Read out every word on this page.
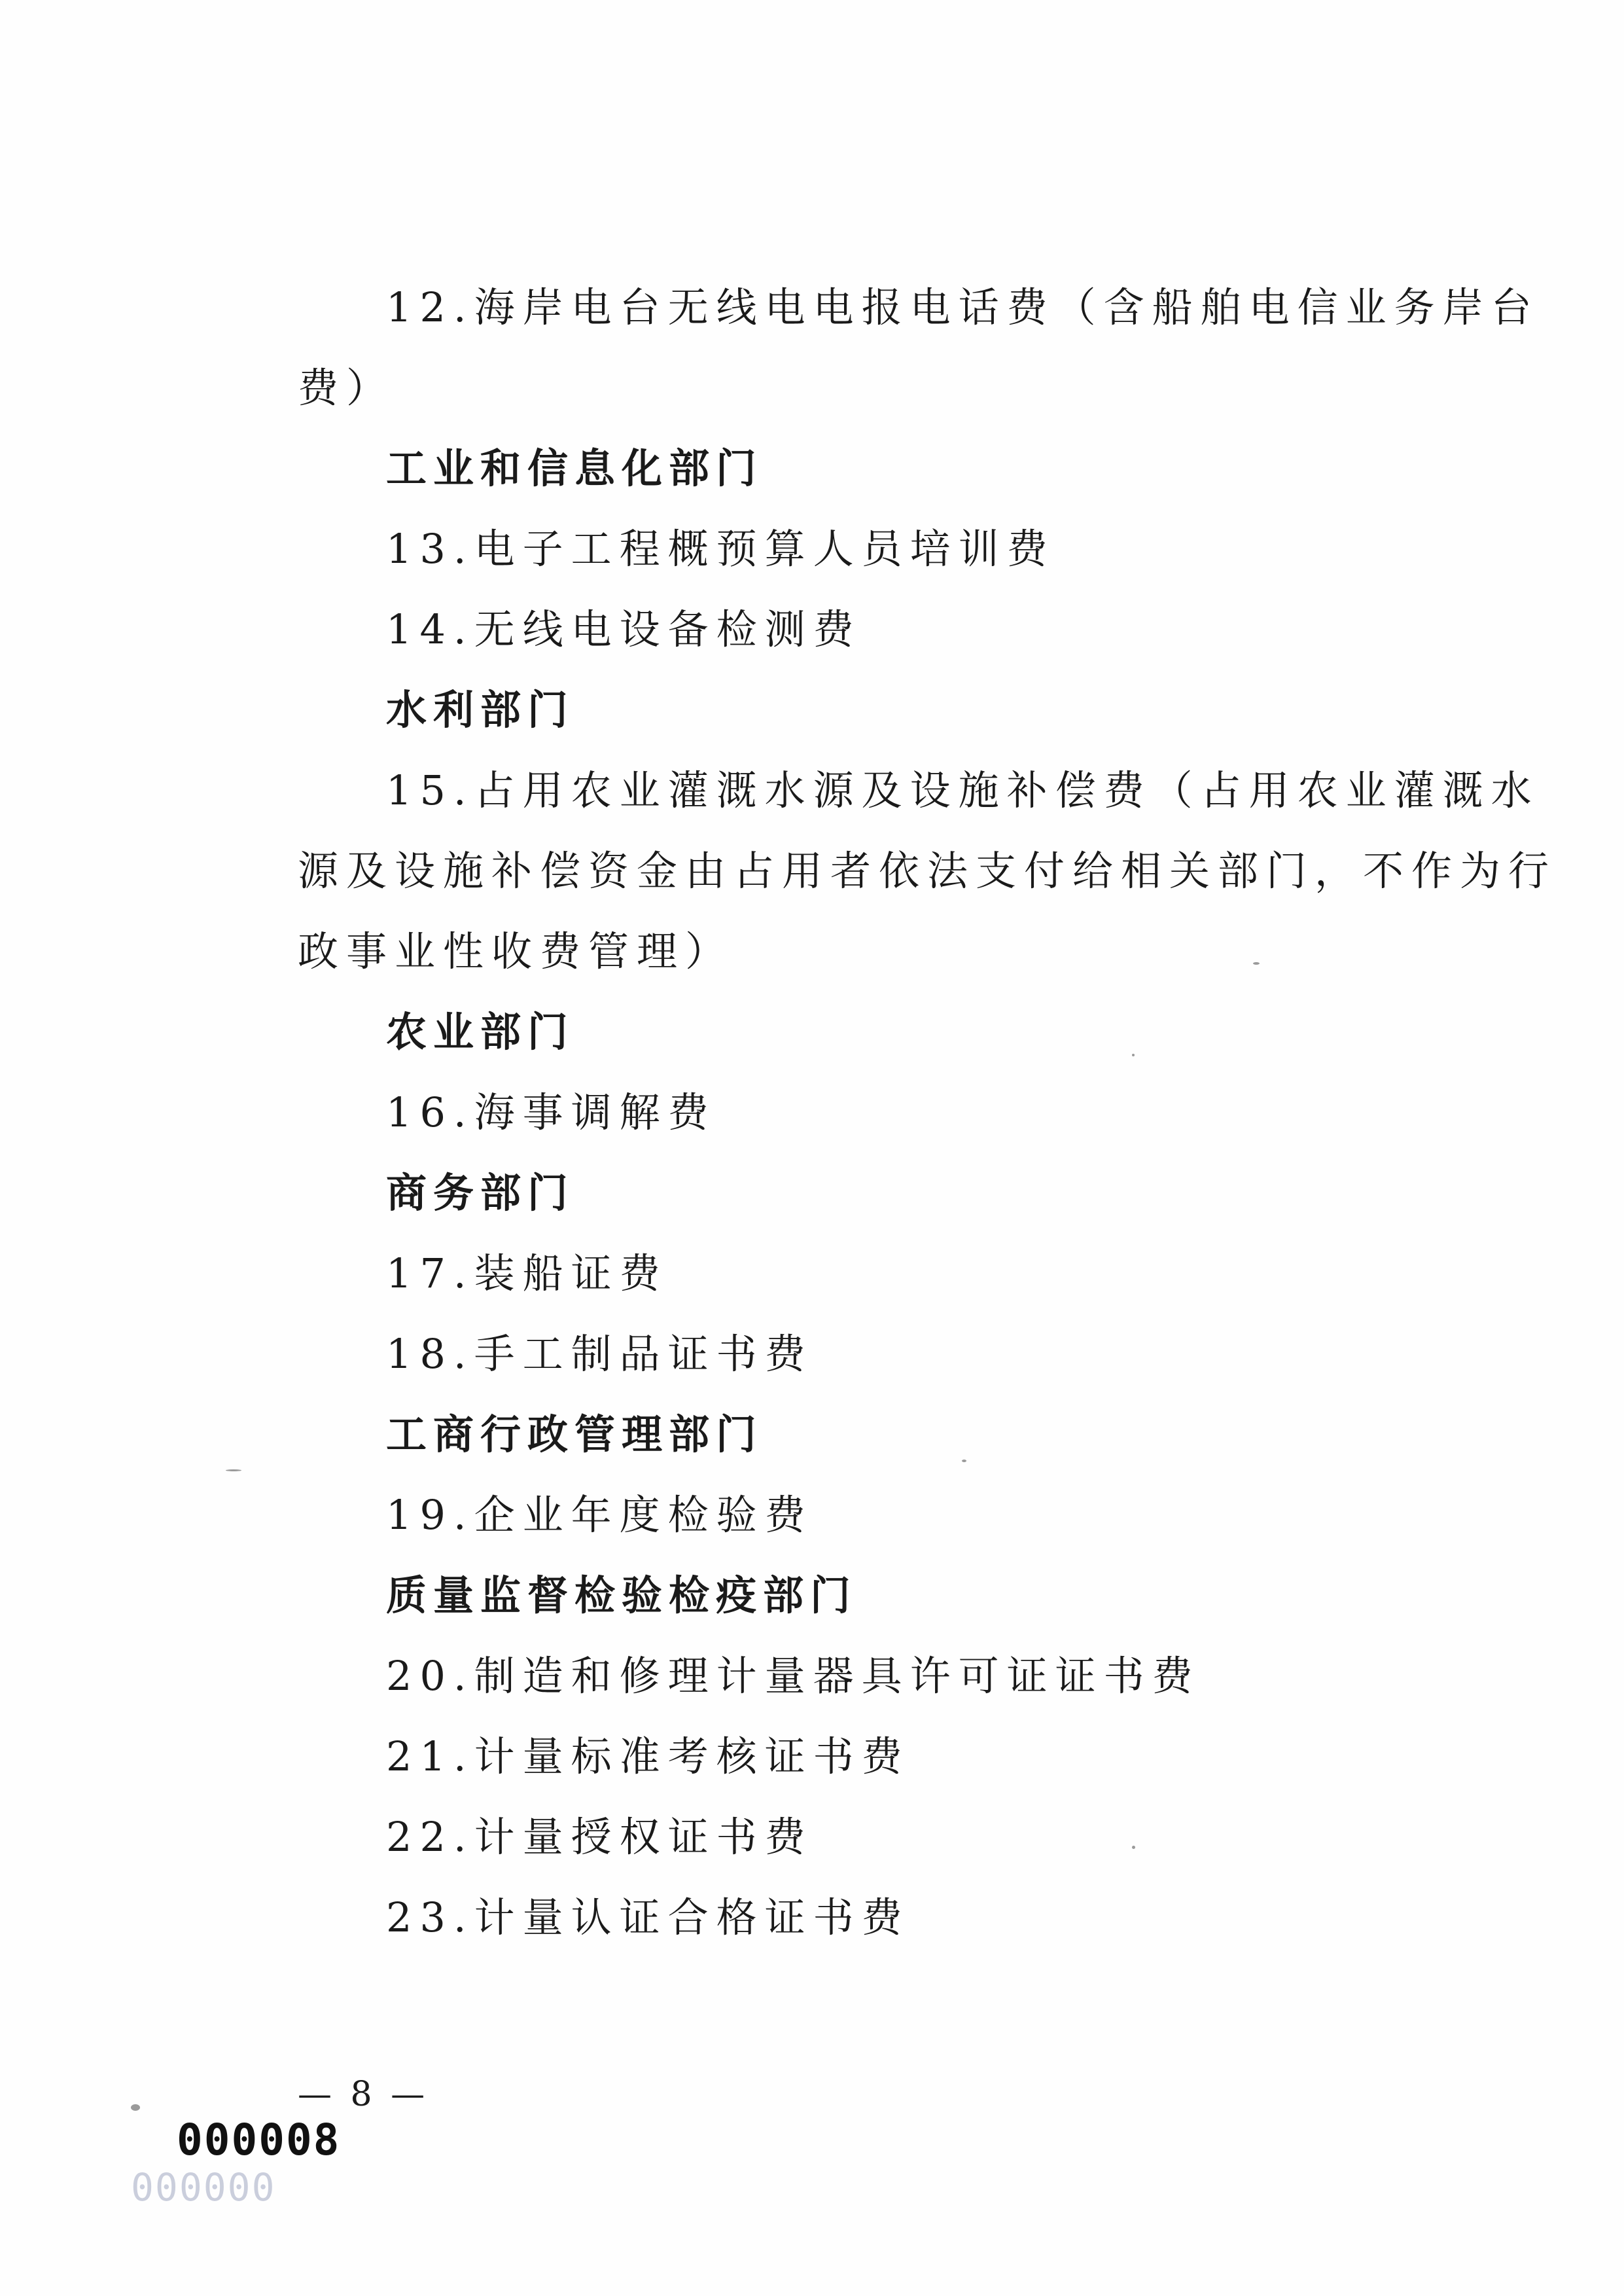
12.海岸电台无线电电报电话费（含船舶电信业务岸台
费）
工业和信息化部门
13.电子工程概预算人员培训费
14.无线电设备检测费
水利部门
15.占用农业灌溉水源及设施补偿费（占用农业灌溉水
源及设施补偿资金由占用者依法支付给相关部门，不作为行
政事业性收费管理）
农业部门
16.海事调解费
商务部门
17.装船证费
18.手工制品证书费
工商行政管理部门
19.企业年度检验费
质量监督检验检疫部门
20.制造和修理计量器具许可证证书费
21.计量标准考核证书费
22.计量授权证书费
23.计量认证合格证书费
— 8 —
000008
000000
